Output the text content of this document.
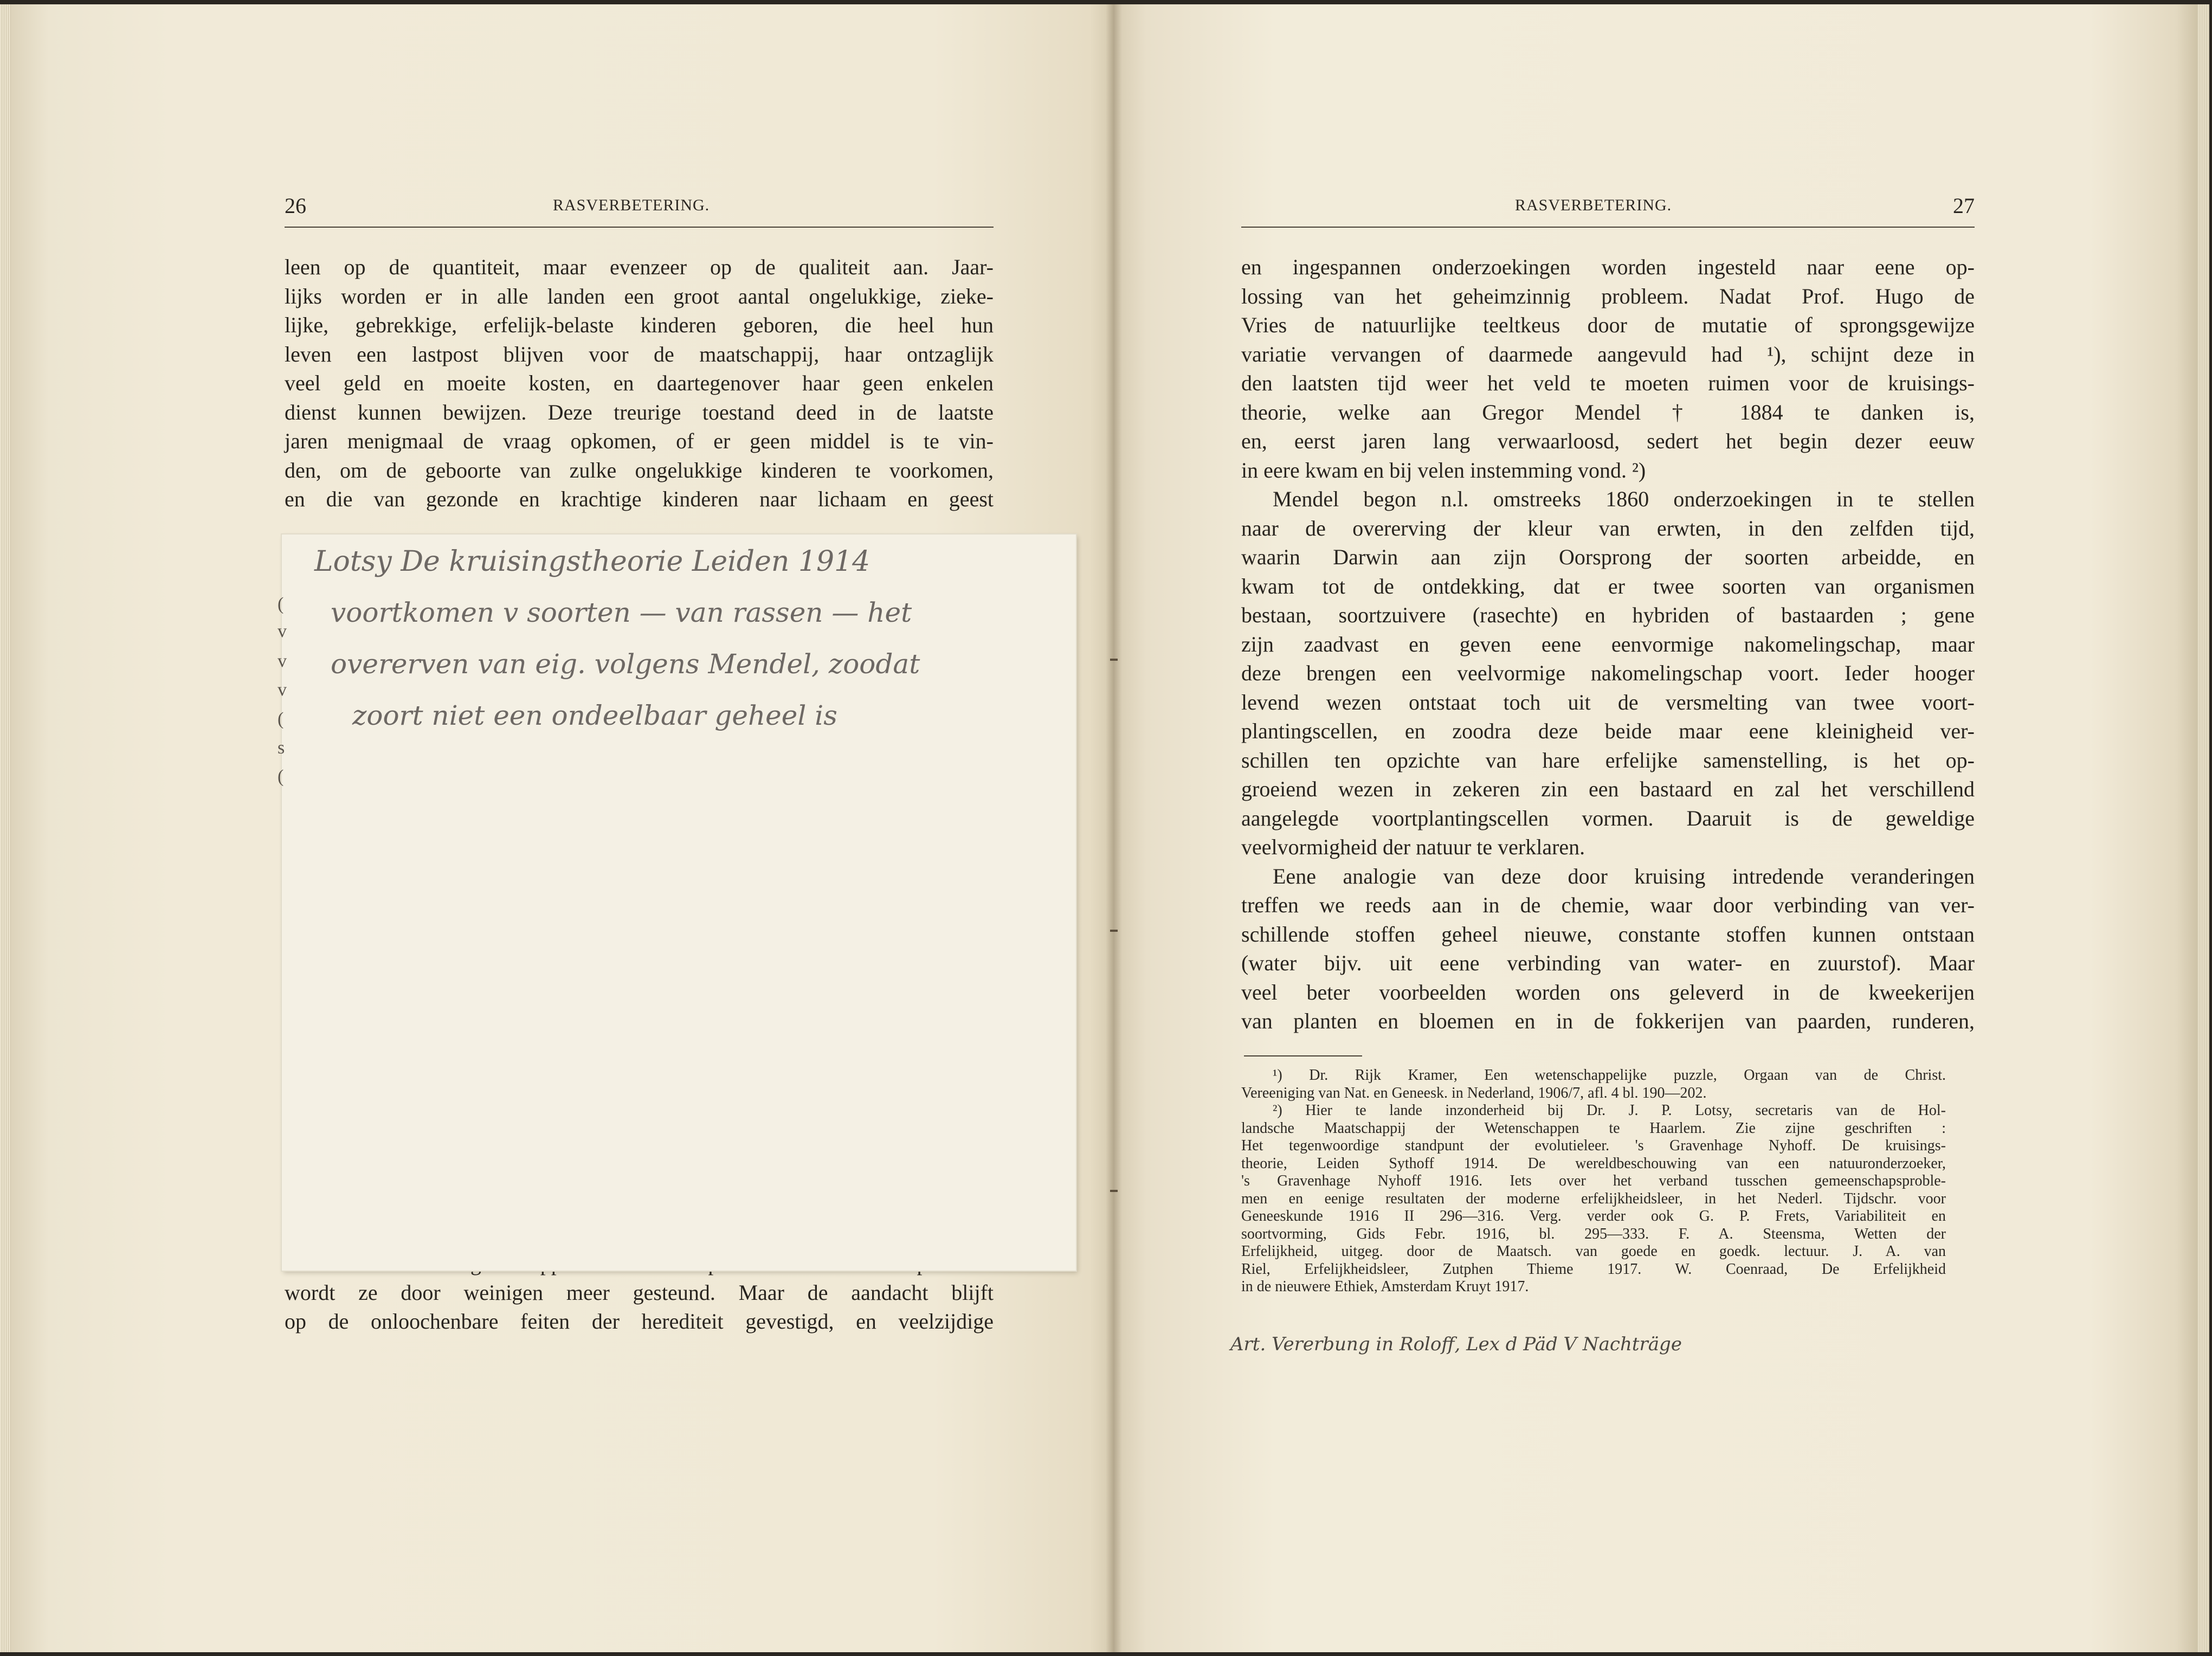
26	RASVERBETERING.
leen op de quantiteit, maar evenzeer op de qualiteit aan. Jaar-
lijks worden er in alle landen een groot aantal ongelukkige, zieke-
lijke, gebrekkige, erfelijk-belaste kinderen geboren, die heel hun
leven een lastpost blijven voor de maatschappij, haar ontzaglijk
veel geld en moeite kosten, en daartegenover haar geen enkelen
dienst kunnen bewijzen. Deze treurige toestand deed in de laatste
jaren menigmaal de vraag opkomen, of er geen middel is te vin-
den, om de geboorte van zulke ongelukkige kinderen te voorkomen,
en die van gezonde en krachtige kinderen naar lichaam en geest
wordt ze door weinigen meer gesteund. Maar de aandacht blijft
op de onloochenbare feiten der herediteit gevestigd, en veelzijdige
(
v
v
v
(
s
(
Lotsy De kruisingstheorie Leiden 1914
voortkomen v soorten — van rassen — het
overerven van eig. volgens Mendel, zoodat
zoort niet een ondeelbaar geheel is
RASVERBETERING.	27

en ingespannen onderzoekingen worden ingesteld naar eene op-
lossing van het geheimzinnig probleem. Nadat Prof. Hugo de
Vries de natuurlijke teeltkeus door de mutatie of sprongsgewijze
variatie vervangen of daarmede aangevuld had ¹), schijnt deze in
den laatsten tijd weer het veld te moeten ruimen voor de kruisings-
theorie, welke aan Gregor Mendel † 1884 te danken is,
en, eerst jaren lang verwaarloosd, sedert het begin dezer eeuw
in eere kwam en bij velen instemming vond. ²)

Mendel begon n.l. omstreeks 1860 onderzoekingen in te stellen
naar de overerving der kleur van erwten, in den zelfden tijd,
waarin Darwin aan zijn Oorsprong der soorten arbeidde, en
kwam tot de ontdekking, dat er twee soorten van organismen
bestaan, soortzuivere (rasechte) en hybriden of bastaarden ; gene
zijn zaadvast en geven eene eenvormige nakomelingschap, maar
deze brengen een veelvormige nakomelingschap voort. Ieder hooger
levend wezen ontstaat toch uit de versmelting van twee voort-
plantingscellen, en zoodra deze beide maar eene kleinigheid ver-
schillen ten opzichte van hare erfelijke samenstelling, is het op-
groeiend wezen in zekeren zin een bastaard en zal het verschillend
aangelegde voortplantingscellen vormen. Daaruit is de geweldige
veelvormigheid der natuur te verklaren.

Eene analogie van deze door kruising intredende veranderingen
treffen we reeds aan in de chemie, waar door verbinding van ver-
schillende stoffen geheel nieuwe, constante stoffen kunnen ontstaan
(water bijv. uit eene verbinding van water- en zuurstof). Maar
veel beter voorbeelden worden ons geleverd in de kweekerijen
van planten en bloemen en in de fokkerijen van paarden, runderen,

¹) Dr. Rijk Kramer, Een wetenschappelijke puzzle, Orgaan van de Christ.
Vereeniging van Nat. en Geneesk. in Nederland, 1906/7, afl. 4 bl. 190—202.
²) Hier te lande inzonderheid bij Dr. J. P. Lotsy, secretaris van de Hol-
landsche Maatschappij der Wetenschappen te Haarlem. Zie zijne geschriften :
Het tegenwoordige standpunt der evolutieleer. 's Gravenhage Nyhoff. De kruisings-
theorie, Leiden Sythoff 1914. De wereldbeschouwing van een natuuronderzoeker,
's Gravenhage Nyhoff 1916. Iets over het verband tusschen gemeenschapsproble-
men en eenige resultaten der moderne erfelijkheidsleer, in het Nederl. Tijdschr. voor
Geneeskunde 1916 II 296—316. Verg. verder ook G. P. Frets, Variabiliteit en
soortvorming, Gids Febr. 1916, bl. 295—333. F. A. Steensma, Wetten der
Erfelijkheid, uitgeg. door de Maatsch. van goede en goedk. lectuur. J. A. van
Riel, Erfelijkheidsleer, Zutphen Thieme 1917. W. Coenraad, De Erfelijkheid
in de nieuwere Ethiek, Amsterdam Kruyt 1917.
Art. Vererbung in Roloff, Lex d Päd V Nachträge
